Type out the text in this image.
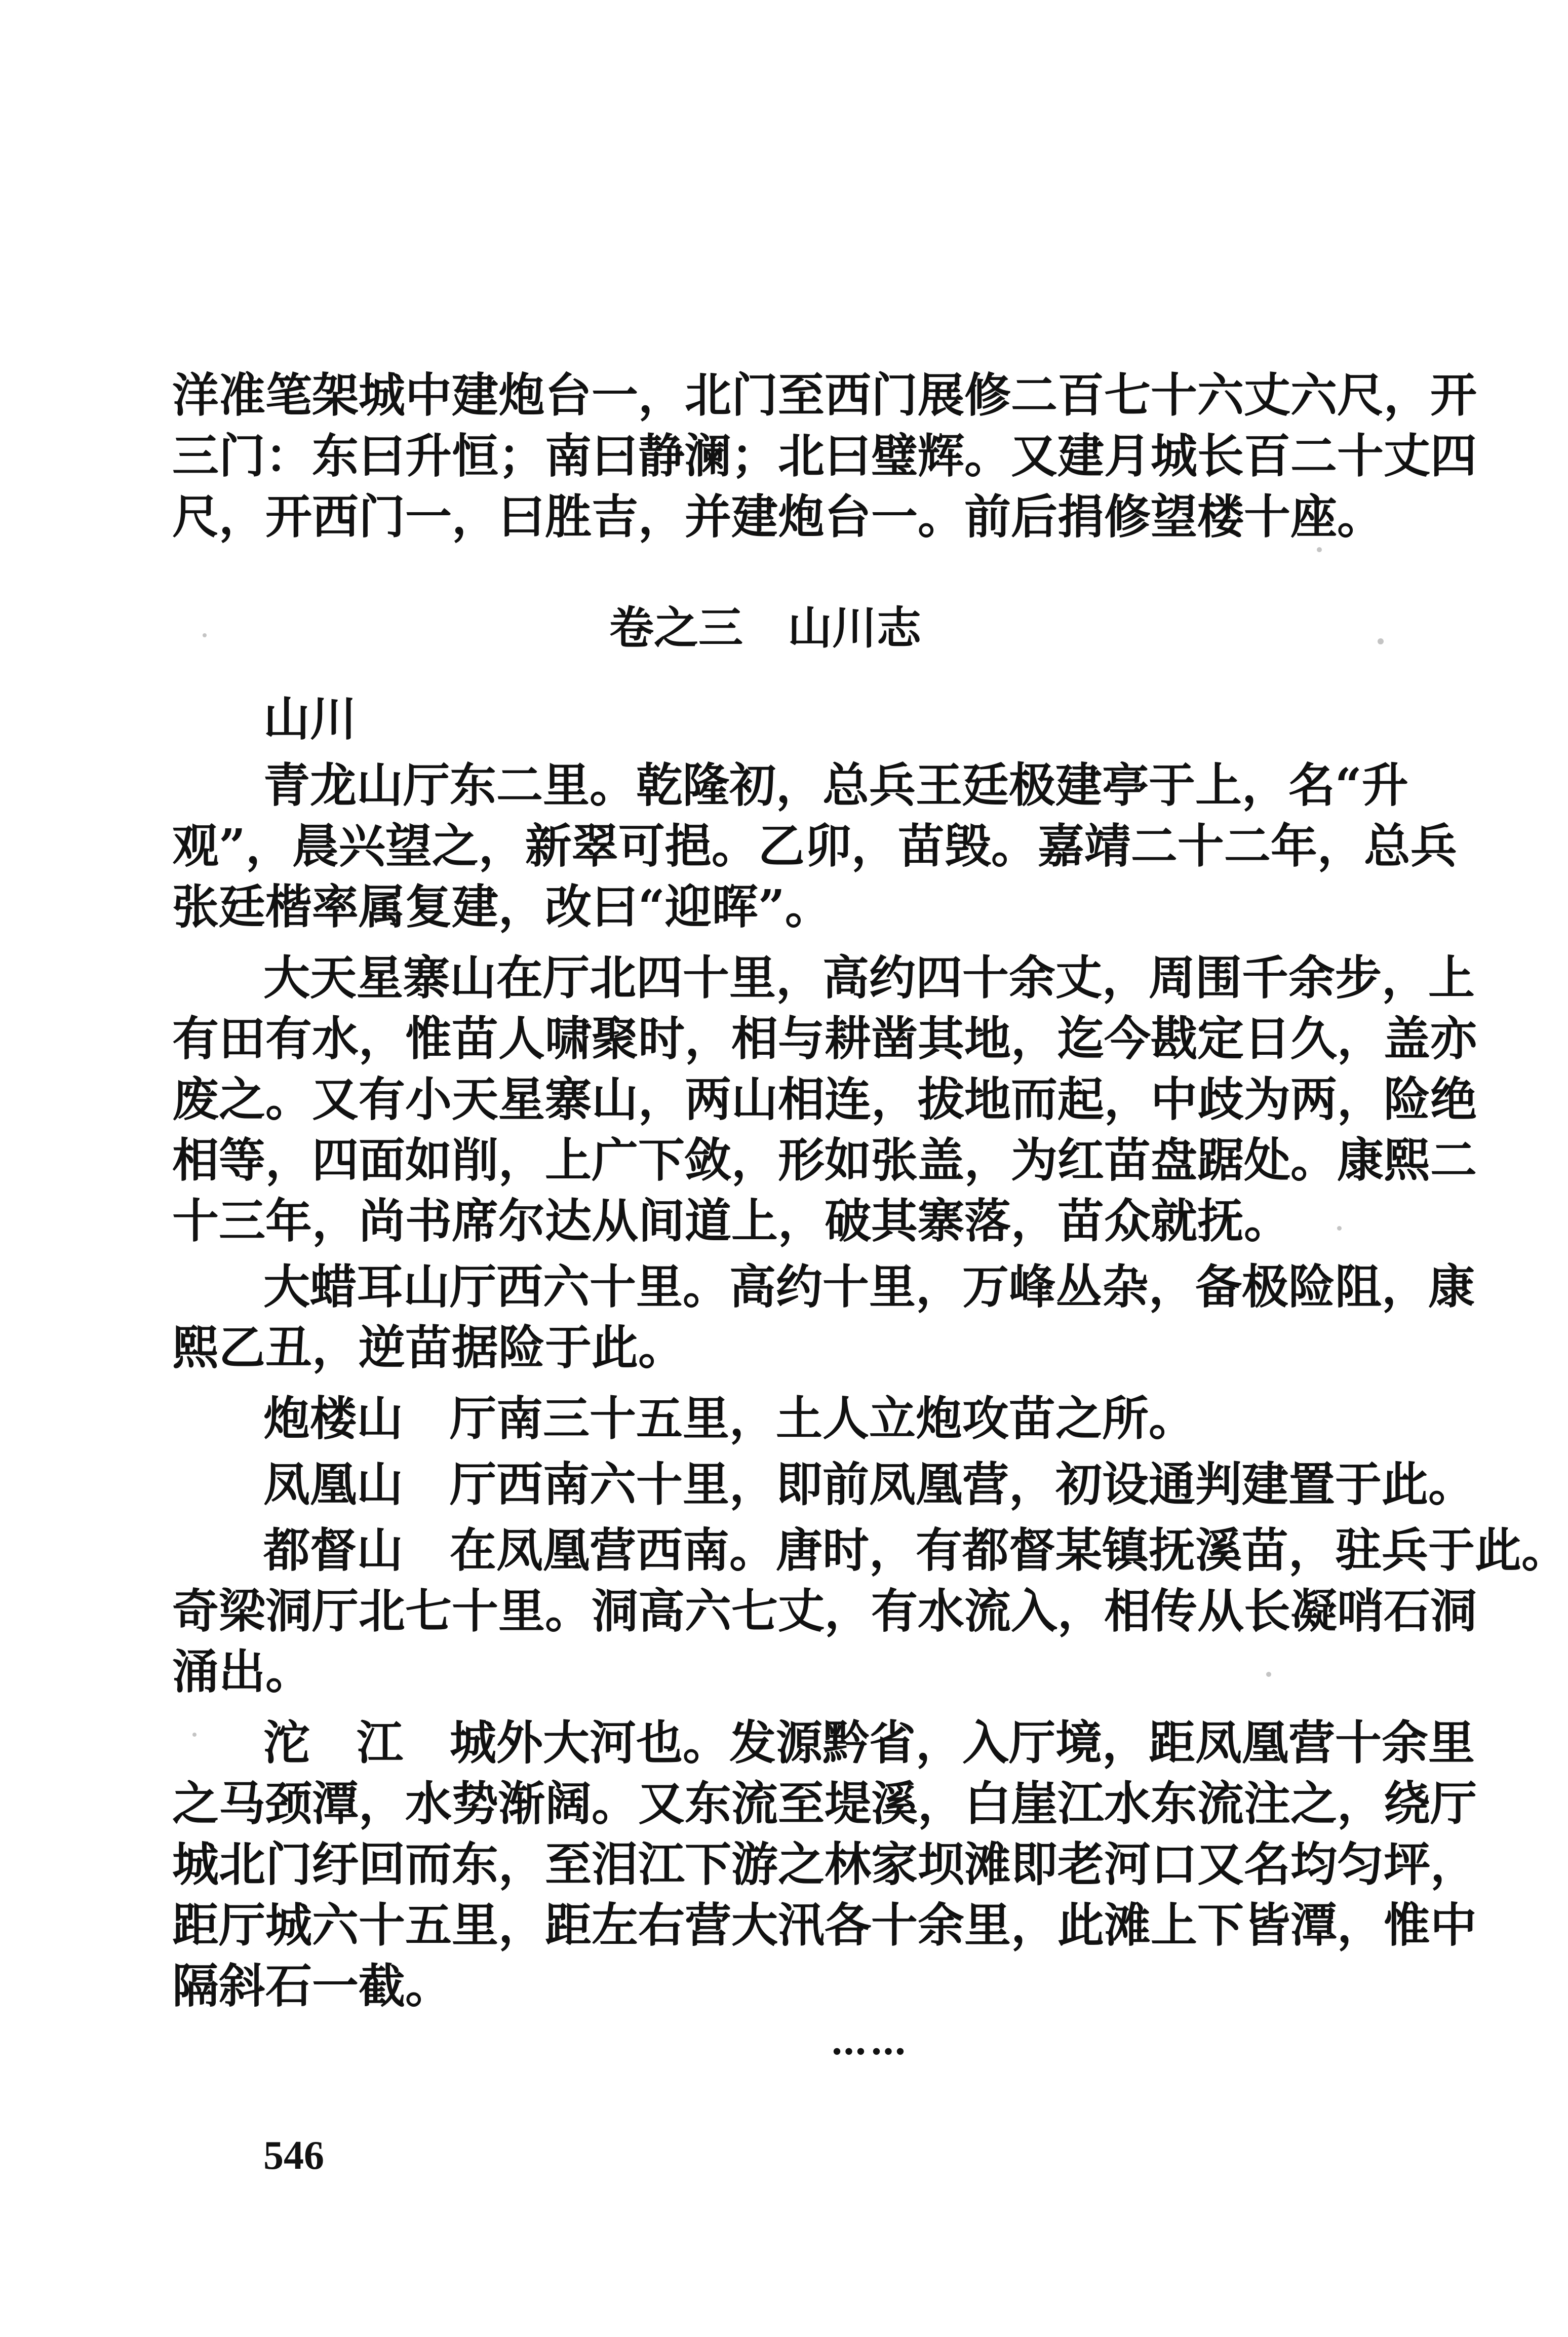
洋准笔架城中建炮台一，北门至西门展修二百七十六丈六尺，开
三门：东曰升恒；南曰静澜；北曰璧辉。又建月城长百二十丈四
尺，开西门一，曰胜吉，并建炮台一。前后捐修望楼十座。
卷之三　山川志
山川
青龙山厅东二里。乾隆初，总兵王廷极建亭于上，名“升
观”，晨兴望之，新翠可挹。乙卯，苗毁。嘉靖二十二年，总兵
张廷楷率属复建，改曰“迎晖”。
大天星寨山在厅北四十里，高约四十余丈，周围千余步，上
有田有水，惟苗人啸聚时，相与耕凿其地，迄今戡定日久，盖亦
废之。又有小天星寨山，两山相连，拔地而起，中歧为两，险绝
相等，四面如削，上广下敛，形如张盖，为红苗盘踞处。康熙二
十三年，尚书席尔达从间道上，破其寨落，苗众就抚。
大蜡耳山厅西六十里。高约十里，万峰丛杂，备极险阻，康
熙乙丑，逆苗据险于此。
炮楼山　厅南三十五里，土人立炮攻苗之所。
凤凰山　厅西南六十里，即前凤凰营，初设通判建置于此。
都督山　在凤凰营西南。唐时，有都督某镇抚溪苗，驻兵于此。
奇梁洞厅北七十里。洞高六七丈，有水流入，相传从长凝哨石洞
涌出。
沱　江　城外大河也。发源黔省，入厅境，距凤凰营十余里
之马颈潭，水势渐阔。又东流至堤溪，白崖江水东流注之，绕厅
城北门纡回而东，至泪江下游之林家坝滩即老河口又名均匀坪，
距厅城六十五里，距左右营大汛各十余里，此滩上下皆潭，惟中
隔斜石一截。
……
546
